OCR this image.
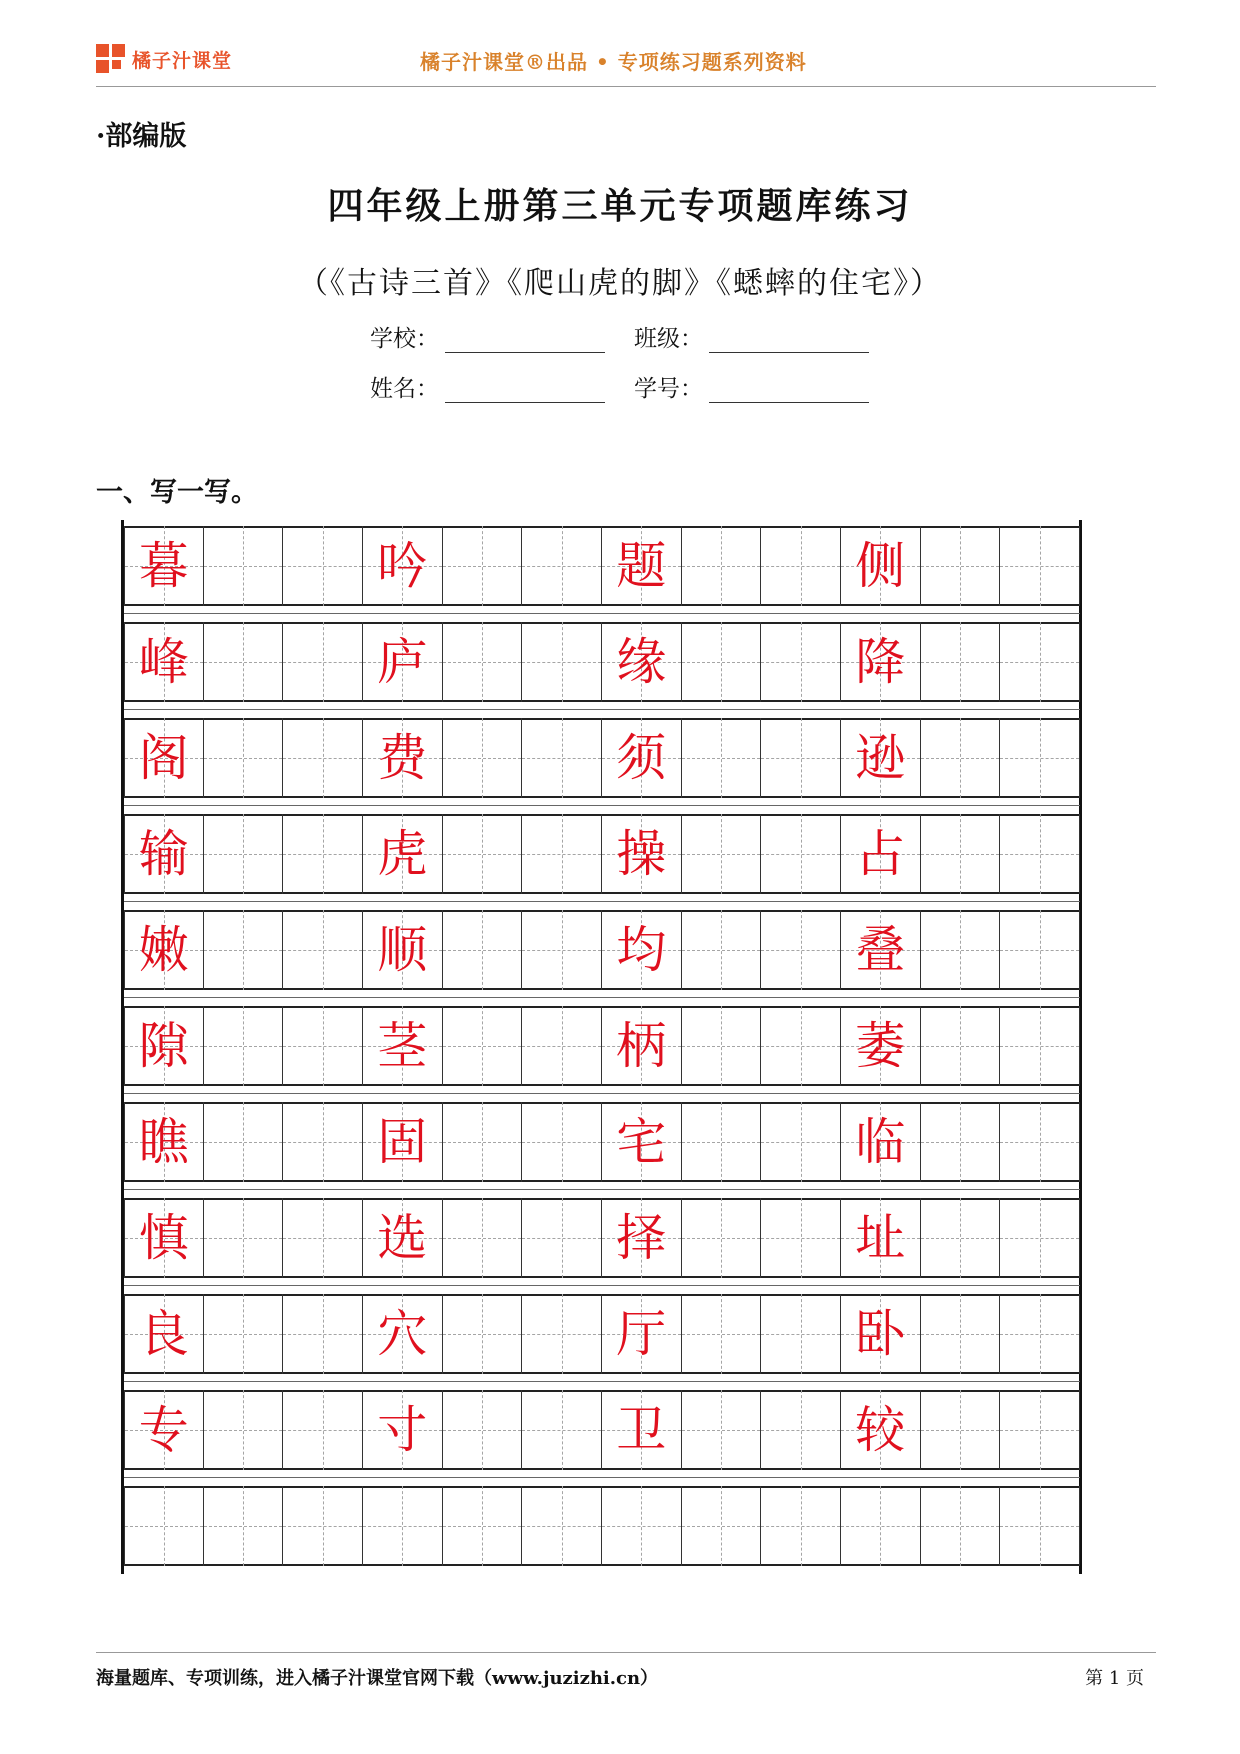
橘子汁课堂	橘子汁课堂®出品 • 专项练习题系列资料
·部编版
四年级上册第三单元专项题库练习
（《古诗三首》《爬山虎的脚》《蟋蟀的住宅》）
学校：	班级：
姓名：	学号：
一、写一写。
暮	吟	题	侧
峰	庐	缘	降
阁	费	须	逊
输	虎	操	占
嫩	顺	均	叠
隙	茎	柄	萎
瞧	固	宅	临
慎	选	择	址
良	穴	厅	卧
专	寸	卫	较
海量题库、专项训练，进入橘子汁课堂官网下载（www.juzizhi.cn）	第 1 页
